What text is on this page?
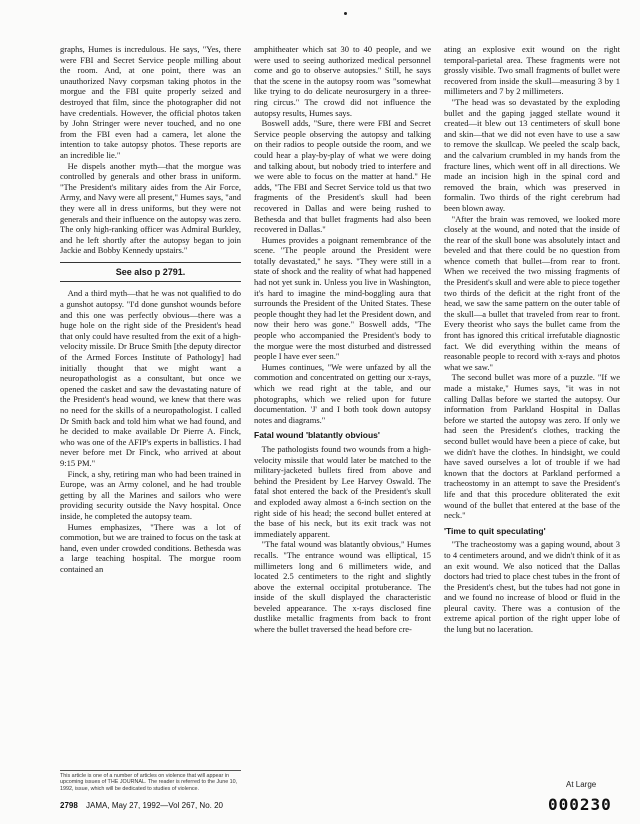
graphs, Humes is incredulous. He says, "Yes, there were FBI and Secret Service people milling about the room. And, at one point, there was an unauthorized Navy corpsman taking photos in the morgue and the FBI quite properly seized and destroyed that film, since the photographer did not have credentials. However, the official photos taken by John Stringer were never touched, and no one from the FBI even had a camera, let alone the intention to take autopsy photos. These reports are an incredible lie."

He dispels another myth—that the morgue was controlled by generals and other brass in uniform. "The President's military aides from the Air Force, Army, and Navy were all present," Humes says, "and they were all in dress uniforms, but they were not generals and their influence on the autopsy was zero. The only high-ranking officer was Admiral Burkley, and he left shortly after the autopsy began to join Jackie and Bobby Kennedy upstairs."

See also p 2791.

And a third myth—that he was not qualified to do a gunshot autopsy. "I'd done gunshot wounds before and this one was perfectly obvious—there was a huge hole on the right side of the President's head that only could have resulted from the exit of a high-velocity missile. Dr Bruce Smith [the deputy director of the Armed Forces Institute of Pathology] had initially thought that we might want a neuropathologist as a consultant, but once we opened the casket and saw the devastating nature of the President's head wound, we knew that there was no need for the skills of a neuropathologist. I called Dr Smith back and told him what we had found, and he decided to make available Dr Pierre A. Finck, who was one of the AFIP's experts in ballistics. I had never before met Dr Finck, who arrived at about 9:15 PM."

Finck, a shy, retiring man who had been trained in Europe, was an Army colonel, and he had trouble getting by all the Marines and sailors who were providing security outside the Navy hospital. Once inside, he completed the autopsy team.

Humes emphasizes, "There was a lot of commotion, but we are trained to focus on the task at hand, even under crowded conditions. Bethesda was a large teaching hospital. The morgue room contained an

amphitheater which sat 30 to 40 people, and we were used to seeing authorized medical personnel come and go to observe autopsies." Still, he says that the scene in the autopsy room was "somewhat like trying to do delicate neurosurgery in a three-ring circus." The crowd did not influence the autopsy results, Humes says.

Boswell adds, "Sure, there were FBI and Secret Service people observing the autopsy and talking on their radios to people outside the room, and we could hear a play-by-play of what we were doing and talking about, but nobody tried to interfere and we were able to focus on the matter at hand." He adds, "The FBI and Secret Service told us that two fragments of the President's skull had been recovered in Dallas and were being rushed to Bethesda and that bullet fragments had also been recovered in Dallas."

Humes provides a poignant remembrance of the scene. "The people around the President were totally devastated," he says. "They were still in a state of shock and the reality of what had happened had not yet sunk in. Unless you live in Washington, it's hard to imagine the mind-boggling aura that surrounds the President of the United States. These people thought they had let the President down, and now their hero was gone." Boswell adds, "The people who accompanied the President's body to the morgue were the most disturbed and distressed people I have ever seen."

Humes continues, "We were unfazed by all the commotion and concentrated on getting our x-rays, which we read right at the table, and our photographs, which we relied upon for future documentation. 'J' and I both took down autopsy notes and diagrams."

Fatal wound 'blatantly obvious'

The pathologists found two wounds from a high-velocity missile that would later be matched to the military-jacketed bullets fired from above and behind the President by Lee Harvey Oswald. The fatal shot entered the back of the President's skull and exploded away almost a 6-inch section on the right side of his head; the second bullet entered at the base of his neck, but its exit track was not immediately apparent.

"The fatal wound was blatantly obvious," Humes recalls. "The entrance wound was elliptical, 15 millimeters long and 6 millimeters wide, and located 2.5 centimeters to the right and slightly above the external occipital protuberance. The inside of the skull displayed the characteristic beveled appearance. The x-rays disclosed fine dustlike metallic fragments from back to front where the bullet traversed the head before cre-

ating an explosive exit wound on the right temporal-parietal area. These fragments were not grossly visible. Two small fragments of bullet were recovered from inside the skull—measuring 3 by 1 millimeters and 7 by 2 millimeters.

"The head was so devastated by the exploding bullet and the gaping jagged stellate wound it created—it blew out 13 centimeters of skull bone and skin—that we did not even have to use a saw to remove the skullcap. We peeled the scalp back, and the calvarium crumbled in my hands from the fracture lines, which went off in all directions. We made an incision high in the spinal cord and removed the brain, which was preserved in formalin. Two thirds of the right cerebrum had been blown away.

"After the brain was removed, we looked more closely at the wound, and noted that the inside of the rear of the skull bone was absolutely intact and beveled and that there could be no question from whence cometh that bullet—from rear to front. When we received the two missing fragments of the President's skull and were able to piece together two thirds of the deficit at the right front of the head, we saw the same pattern on the outer table of the skull—a bullet that traveled from rear to front. Every theorist who says the bullet came from the front has ignored this critical irrefutable diagnostic fact. We did everything within the means of reasonable people to record with x-rays and photos what we saw."

The second bullet was more of a puzzle. "If we made a mistake," Humes says, "it was in not calling Dallas before we started the autopsy. Our information from Parkland Hospital in Dallas before we started the autopsy was zero. If only we had seen the President's clothes, tracking the second bullet would have been a piece of cake, but we didn't have the clothes. In hindsight, we could have saved ourselves a lot of trouble if we had known that the doctors at Parkland performed a tracheostomy in an attempt to save the President's life and that this procedure obliterated the exit wound of the bullet that entered at the base of the neck."

'Time to quit speculating'

"The tracheostomy was a gaping wound, about 3 to 4 centimeters around, and we didn't think of it as an exit wound. We also noticed that the Dallas doctors had tried to place chest tubes in the front of the President's chest, but the tubes had not gone in and we found no increase of blood or fluid in the pleural cavity. There was a contusion of the extreme apical portion of the right upper lobe of the lung but no laceration.

This article is one of a number of articles on violence that will appear in upcoming issues of THE JOURNAL. The reader is referred to the June 10, 1992, issue, which will be dedicated to studies of violence.
2798 JAMA, May 27, 1992—Vol 267, No. 20
At Large
000230
